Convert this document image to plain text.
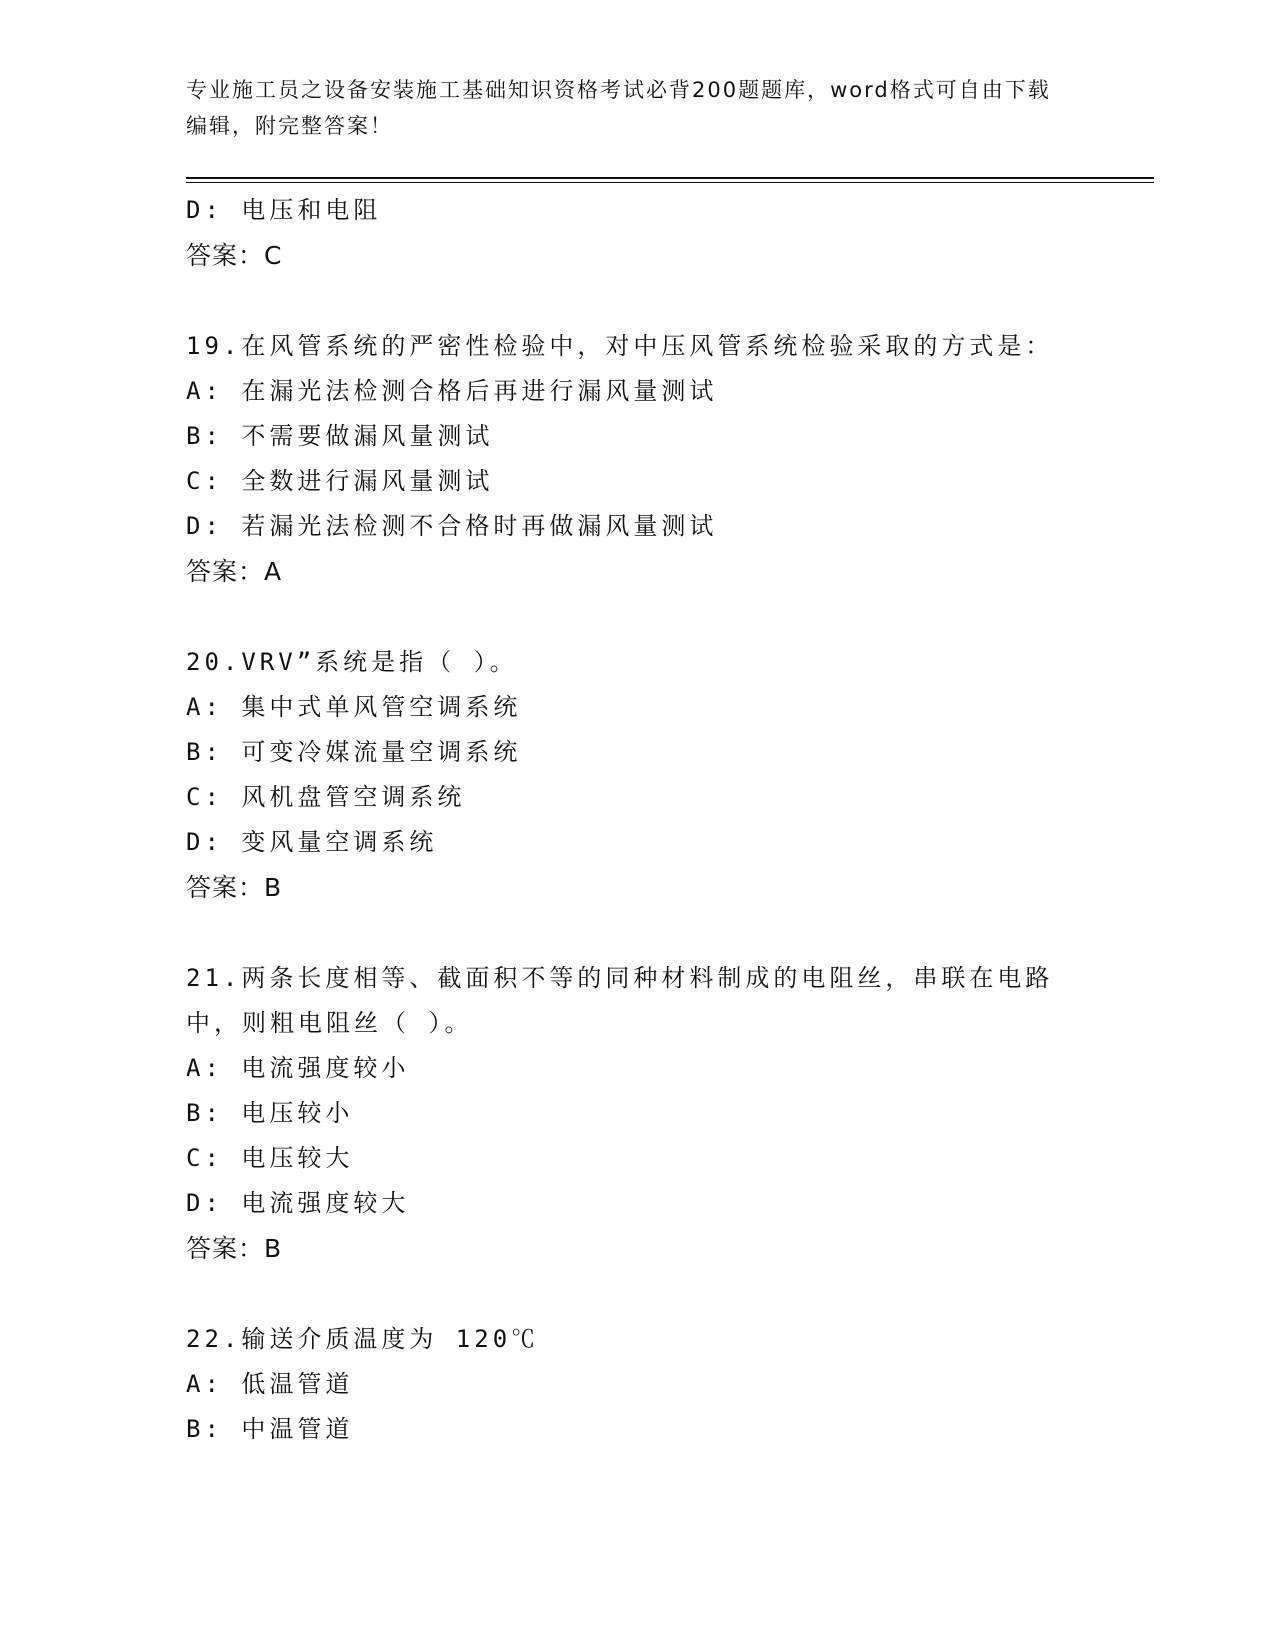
专业施工员之设备安装施工基础知识资格考试必背200题题库，word格式可自由下载编辑，附完整答案！

D: 电压和电阻
答案：C
19.在风管系统的严密性检验中，对中压风管系统检验采取的方式是：
A: 在漏光法检测合格后再进行漏风量测试
B: 不需要做漏风量测试
C: 全数进行漏风量测试
D: 若漏光法检测不合格时再做漏风量测试
答案：A
20.VRV”系统是指（ ）。
A: 集中式单风管空调系统
B: 可变冷媒流量空调系统
C: 风机盘管空调系统
D: 变风量空调系统
答案：B
21.两条长度相等、截面积不等的同种材料制成的电阻丝，串联在电路中，则粗电阻丝（ ）。
A: 电流强度较小
B: 电压较小
C: 电压较大
D: 电流强度较大
答案：B
22.输送介质温度为 120℃
A: 低温管道
B: 中温管道
